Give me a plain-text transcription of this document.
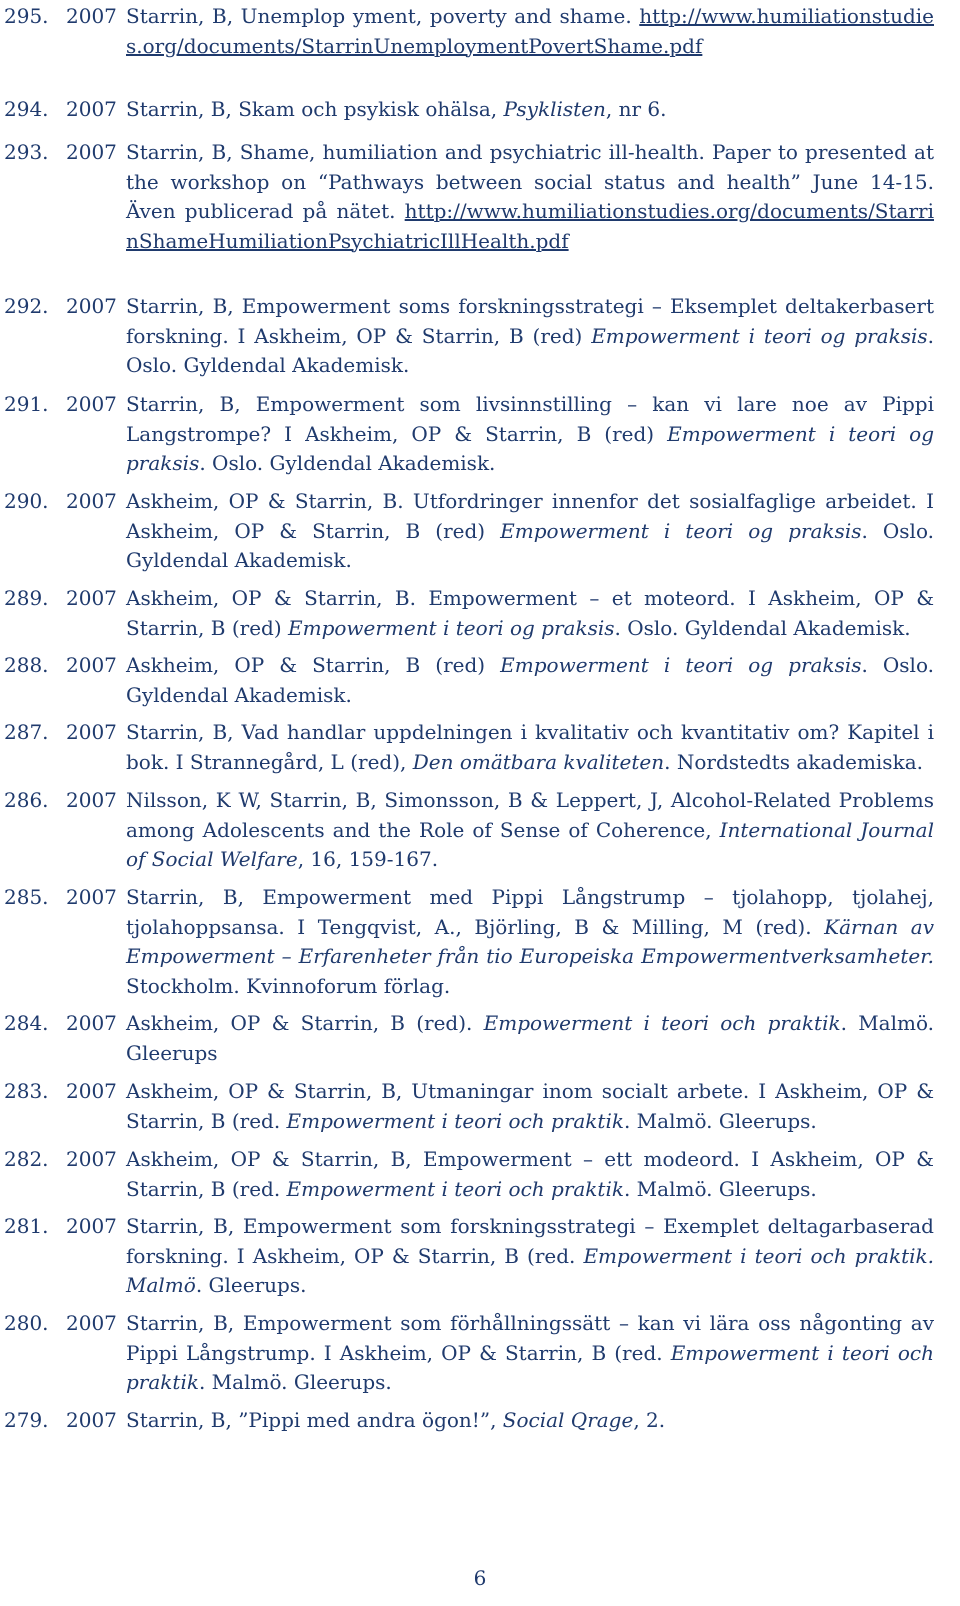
295. 2007 Starrin, B, Unemplop yment, poverty and shame. http://www.humiliationstudies.org/documents/StarrinUnemploymentPovertShame.pdf
294. 2007 Starrin, B, Skam och psykisk ohälsa, Psyklisten, nr 6.
293. 2007 Starrin, B, Shame, humiliation and psychiatric ill-health. Paper to presented at the workshop on “Pathways between social status and health” June 14-15. Även publicerad på nätet. http://www.humiliationstudies.org/documents/StarrinShameHumiliationPsychiatricIllHealth.pdf
292. 2007 Starrin, B, Empowerment soms forskningsstrategi – Eksemplet deltakerbasert forskning. I Askheim, OP & Starrin, B (red) Empowerment i teori og praksis. Oslo. Gyldendal Akademisk.
291. 2007 Starrin, B, Empowerment som livsinnstilling – kan vi lare noe av Pippi Langstrompe? I Askheim, OP & Starrin, B (red) Empowerment i teori og praksis. Oslo. Gyldendal Akademisk.
290. 2007 Askheim, OP & Starrin, B. Utfordringer innenfor det sosialfaglige arbeidet. I Askheim, OP & Starrin, B (red) Empowerment i teori og praksis. Oslo. Gyldendal Akademisk.
289. 2007 Askheim, OP & Starrin, B. Empowerment – et moteord. I Askheim, OP & Starrin, B (red) Empowerment i teori og praksis. Oslo. Gyldendal Akademisk.
288. 2007 Askheim, OP & Starrin, B (red) Empowerment i teori og praksis. Oslo. Gyldendal Akademisk.
287. 2007 Starrin, B, Vad handlar uppdelningen i kvalitativ och kvantitativ om? Kapitel i bok. I Strannegård, L (red), Den omätbara kvaliteten. Nordstedts akademiska.
286. 2007 Nilsson, K W, Starrin, B, Simonsson, B & Leppert, J, Alcohol-Related Problems among Adolescents and the Role of Sense of Coherence, International Journal of Social Welfare, 16, 159-167.
285. 2007 Starrin, B, Empowerment med Pippi Långstrump – tjolahopp, tjolahej, tjolahoppsansa. I Tengqvist, A., Björling, B & Milling, M (red). Kärnan av Empowerment – Erfarenheter från tio Europeiska Empowermentverksamheter. Stockholm. Kvinnoforum förlag.
284. 2007 Askheim, OP & Starrin, B (red). Empowerment i teori och praktik. Malmö. Gleerups
283. 2007 Askheim, OP & Starrin, B, Utmaningar inom socialt arbete. I Askheim, OP & Starrin, B (red. Empowerment i teori och praktik. Malmö. Gleerups.
282. 2007 Askheim, OP & Starrin, B, Empowerment – ett modeord. I Askheim, OP & Starrin, B (red. Empowerment i teori och praktik. Malmö. Gleerups.
281. 2007 Starrin, B, Empowerment som forskningsstrategi – Exemplet deltagarbaserad forskning. I Askheim, OP & Starrin, B (red. Empowerment i teori och praktik. Malmö. Gleerups.
280. 2007 Starrin, B, Empowerment som förhållningssätt – kan vi lära oss någonting av Pippi Långstrump. I Askheim, OP & Starrin, B (red. Empowerment i teori och praktik. Malmö. Gleerups.
279. 2007 Starrin, B, ”Pippi med andra ögon!”, Social Qrage, 2.
6
